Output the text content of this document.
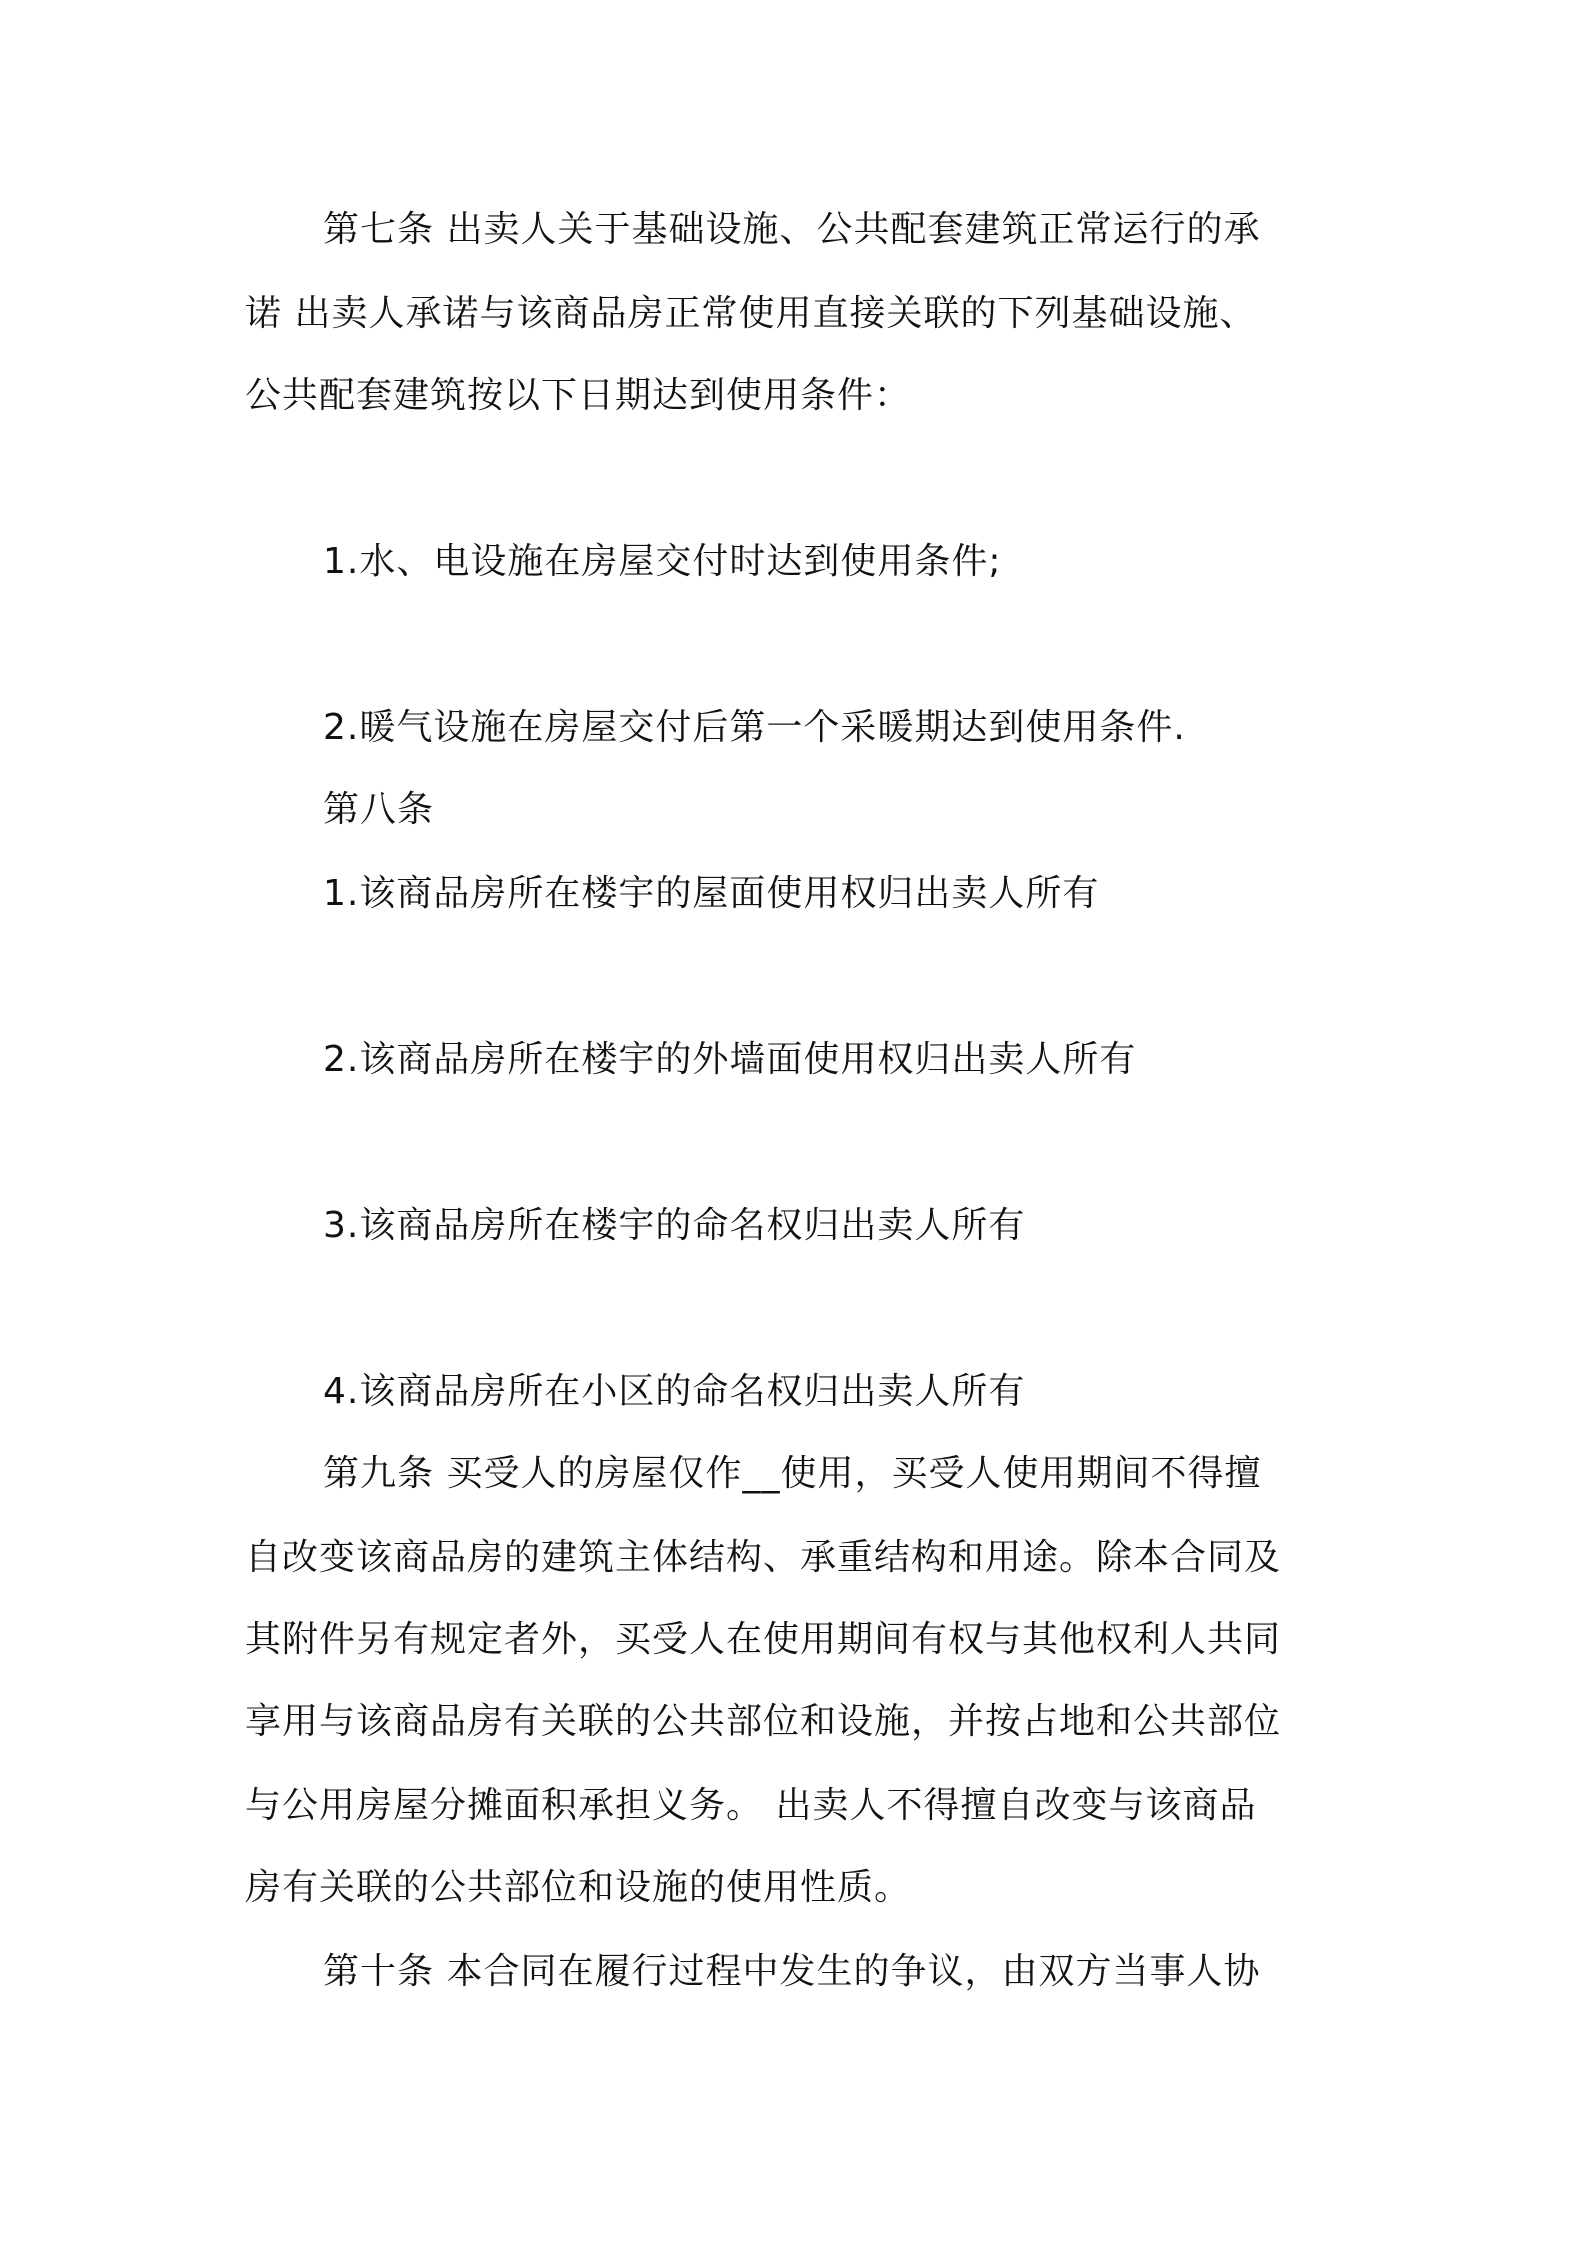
第七条 出卖人关于基础设施、公共配套建筑正常运行的承
诺 出卖人承诺与该商品房正常使用直接关联的下列基础设施、
公共配套建筑按以下日期达到使用条件：
1.水、电设施在房屋交付时达到使用条件;
2.暖气设施在房屋交付后第一个采暖期达到使用条件.
第八条
1.该商品房所在楼宇的屋面使用权归出卖人所有
2.该商品房所在楼宇的外墙面使用权归出卖人所有
3.该商品房所在楼宇的命名权归出卖人所有
4.该商品房所在小区的命名权归出卖人所有
第九条 买受人的房屋仅作__使用，买受人使用期间不得擅
自改变该商品房的建筑主体结构、承重结构和用途。除本合同及
其附件另有规定者外，买受人在使用期间有权与其他权利人共同
享用与该商品房有关联的公共部位和设施，并按占地和公共部位
与公用房屋分摊面积承担义务。 出卖人不得擅自改变与该商品
房有关联的公共部位和设施的使用性质。
第十条 本合同在履行过程中发生的争议，由双方当事人协
